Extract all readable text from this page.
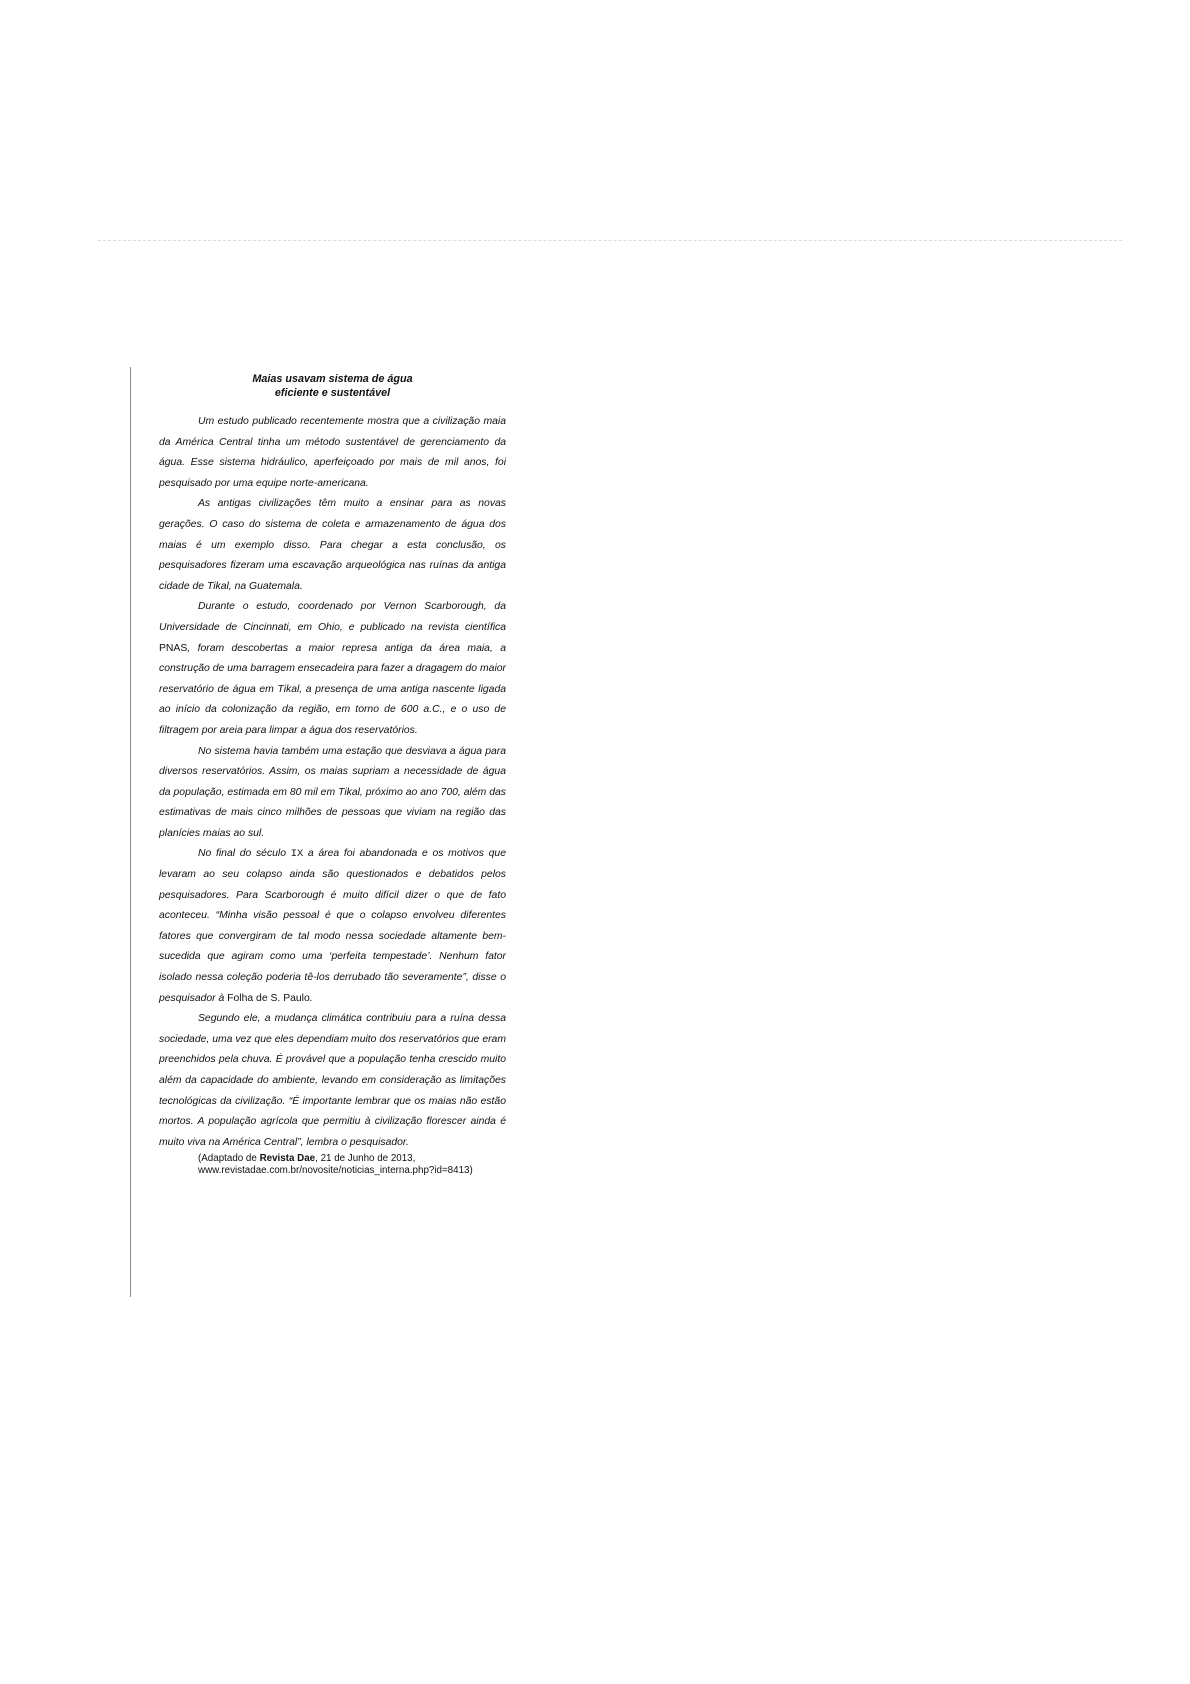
Maias usavam sistema de água
eficiente e sustentável

Um estudo publicado recentemente mostra que a civilização maia da América Central tinha um método sustentável de gerenciamento da água. Esse sistema hidráulico, aperfeiçoado por mais de mil anos, foi pesquisado por uma equipe norte-americana.

As antigas civilizações têm muito a ensinar para as novas gerações. O caso do sistema de coleta e armazenamento de água dos maias é um exemplo disso. Para chegar a esta conclusão, os pesquisadores fizeram uma escavação arqueológica nas ruínas da antiga cidade de Tikal, na Guatemala.

Durante o estudo, coordenado por Vernon Scarborough, da Universidade de Cincinnati, em Ohio, e publicado na revista científica PNAS, foram descobertas a maior represa antiga da área maia, a construção de uma barragem ensecadeira para fazer a dragagem do maior reservatório de água em Tikal, a presença de uma antiga nascente ligada ao início da colonização da região, em torno de 600 a.C., e o uso de filtragem por areia para limpar a água dos reservatórios.

No sistema havia também uma estação que desviava a água para diversos reservatórios. Assim, os maias supriam a necessidade de água da população, estimada em 80 mil em Tikal, próximo ao ano 700, além das estimativas de mais cinco milhões de pessoas que viviam na região das planícies maias ao sul.

No final do século IX a área foi abandonada e os motivos que levaram ao seu colapso ainda são questionados e debatidos pelos pesquisadores. Para Scarborough é muito difícil dizer o que de fato aconteceu. “Minha visão pessoal é que o colapso envolveu diferentes fatores que convergiram de tal modo nessa sociedade altamente bem-sucedida que agiram como uma ‘perfeita tempestade’. Nenhum fator isolado nessa coleção poderia tê-los derrubado tão severamente”, disse o pesquisador à Folha de S. Paulo.

Segundo ele, a mudança climática contribuiu para a ruína dessa sociedade, uma vez que eles dependiam muito dos reservatórios que eram preenchidos pela chuva. É provável que a população tenha crescido muito além da capacidade do ambiente, levando em consideração as limitações tecnológicas da civilização. “É importante lembrar que os maias não estão mortos. A população agrícola que permitiu à civilização florescer ainda é muito viva na América Central”, lembra o pesquisador.

(Adaptado de Revista Dae, 21 de Junho de 2013,
www.revistadae.com.br/novosite/noticias_interna.php?id=8413)
